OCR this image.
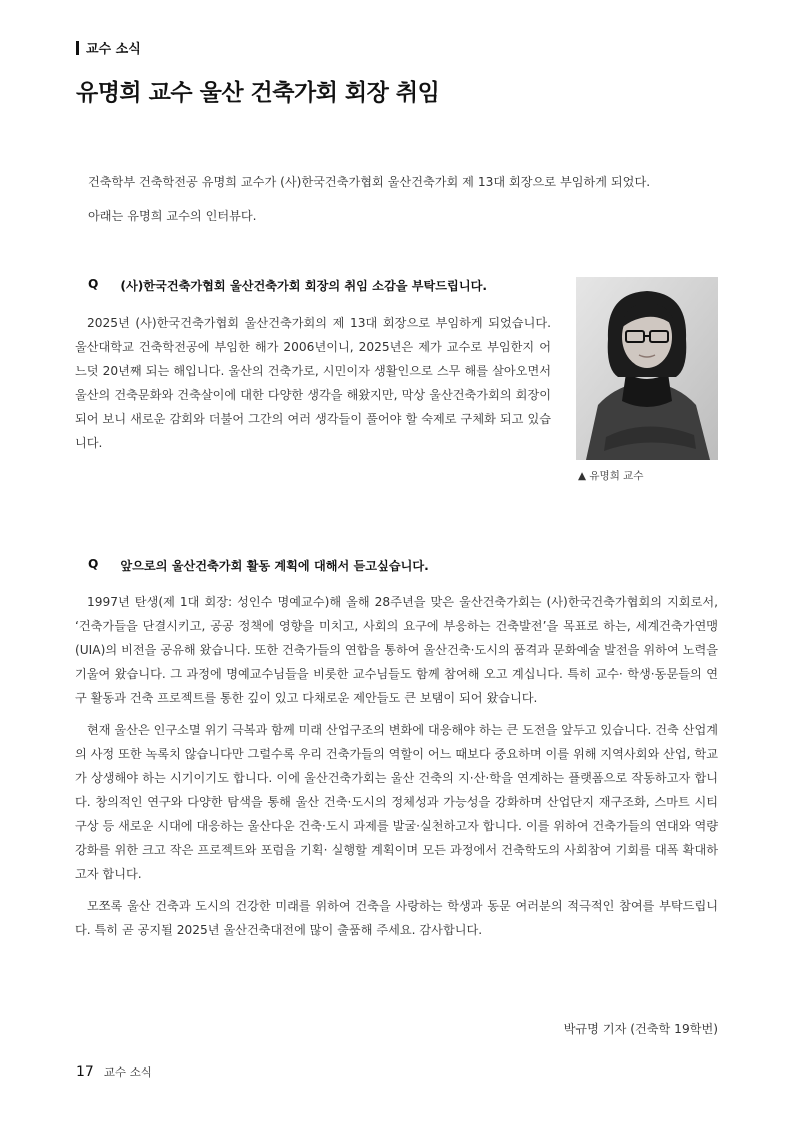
교수 소식
유명희 교수 울산 건축가회 회장 취임

건축학부 건축학전공 유명희 교수가 (사)한국건축가협회 울산건축가회 제 13대 회장으로 부임하게 되었다.

아래는 유명희 교수의 인터뷰다.

Q (사)한국건축가협회 울산건축가회 회장의 취임 소감을 부탁드립니다.

2025년 (사)한국건축가협회 울산건축가회의 제 13대 회장으로 부임하게 되었습니다. 울산대학교 건축학전공에 부임한 해가 2006년이니, 2025년은 제가 교수로 부임한지 어느덧 20년째 되는 해입니다. 울산의 건축가로, 시민이자 생활인으로 스무 해를 살아오면서 울산의 건축문화와 건축살이에 대한 다양한 생각을 해왔지만, 막상 울산건축가회의 회장이 되어 보니 새로운 감회와 더불어 그간의 여러 생각들이 풀어야 할 숙제로 구체화 되고 있습니다.

▲ 유명희 교수
Q 앞으로의 울산건축가회 활동 계획에 대해서 듣고싶습니다.

1997년 탄생(제 1대 회장: 성인수 명예교수)해 올해 28주년을 맞은 울산건축가회는 (사)한국건축가협회의 지회로서, ‘건축가들을 단결시키고, 공공 정책에 영향을 미치고, 사회의 요구에 부응하는 건축발전’을 목표로 하는, 세계건축가연맹(UIA)의 비전을 공유해 왔습니다. 또한 건축가들의 연합을 통하여 울산건축·도시의 품격과 문화예술 발전을 위하여 노력을 기울여 왔습니다. 그 과정에 명예교수님들을 비롯한 교수님들도 함께 참여해 오고 계십니다. 특히 교수· 학생·동문들의 연구 활동과 건축 프로젝트를 통한 깊이 있고 다채로운 제안들도 큰 보탬이 되어 왔습니다.

현재 울산은 인구소멸 위기 극복과 함께 미래 산업구조의 변화에 대응해야 하는 큰 도전을 앞두고 있습니다. 건축 산업계의 사정 또한 녹록치 않습니다만 그럴수록 우리 건축가들의 역할이 어느 때보다 중요하며 이를 위해 지역사회와 산업, 학교가 상생해야 하는 시기이기도 합니다. 이에 울산건축가회는 울산 건축의 지·산·학을 연계하는 플랫폼으로 작동하고자 합니다. 창의적인 연구와 다양한 탐색을 통해 울산 건축·도시의 정체성과 가능성을 강화하며 산업단지 재구조화, 스마트 시티 구상 등 새로운 시대에 대응하는 울산다운 건축·도시 과제를 발굴·실천하고자 합니다. 이를 위하여 건축가들의 연대와 역량 강화를 위한 크고 작은 프로젝트와 포럼을 기획· 실행할 계획이며 모든 과정에서 건축학도의 사회참여 기회를 대폭 확대하고자 합니다.

모쪼록 울산 건축과 도시의 건강한 미래를 위하여 건축을 사랑하는 학생과 동문 여러분의 적극적인 참여를 부탁드립니다. 특히 곧 공지될 2025년 울산건축대전에 많이 출품해 주세요. 감사합니다.

박규명 기자 (건축학 19학번)
17 교수 소식
